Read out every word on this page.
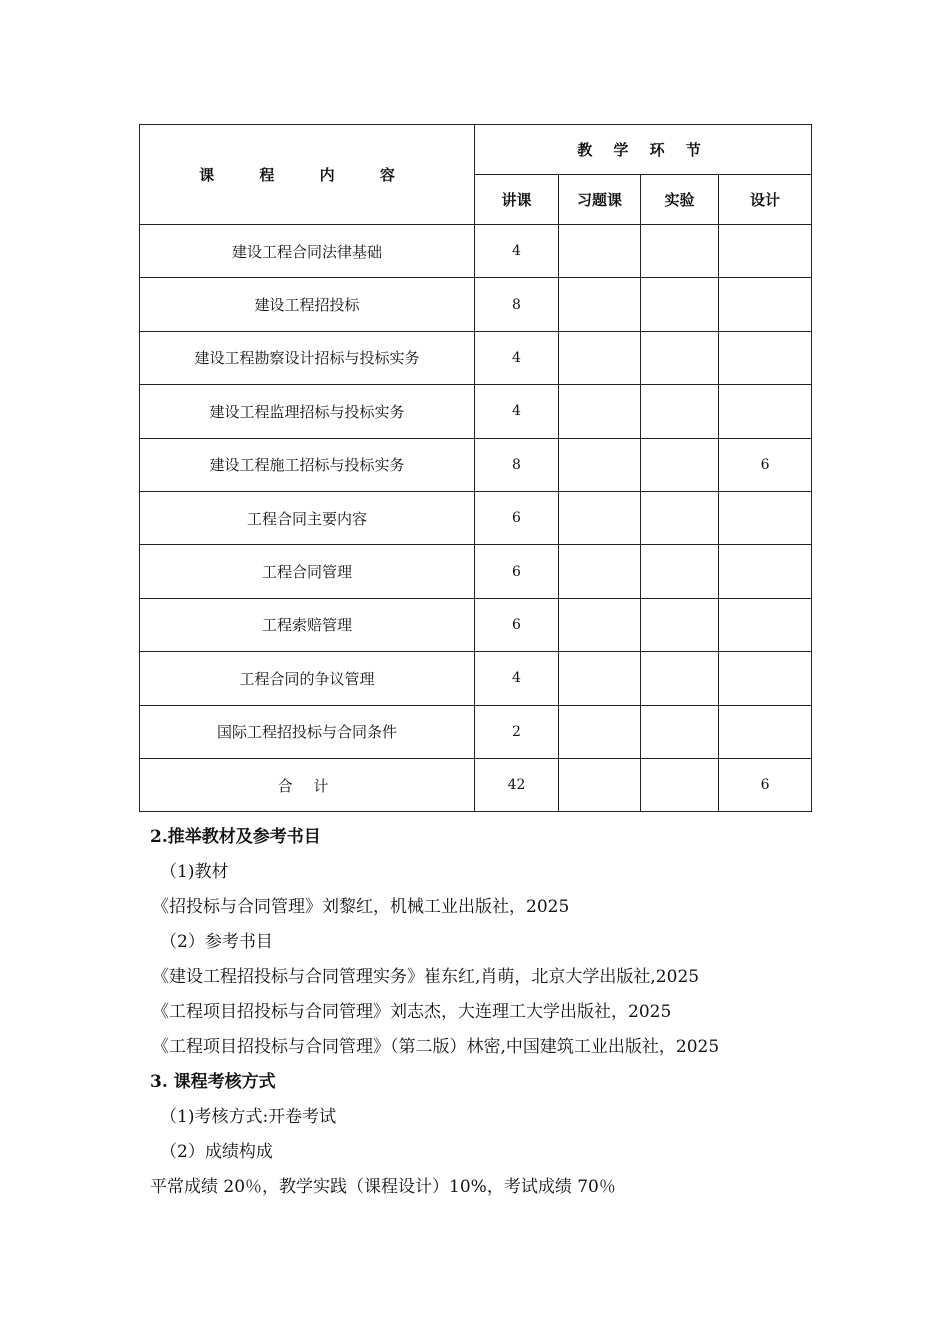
课 程 内 容	教 学 环 节			
	讲课	习题课	实验	设计
建设工程合同法律基础	4			
建设工程招投标	8			
建设工程勘察设计招标与投标实务	4			
建设工程监理招标与投标实务	4			
建设工程施工招标与投标实务	8			6
工程合同主要内容	6			
工程合同管理	6			
工程索赔管理	6			
工程合同的争议管理	4			
国际工程招投标与合同条件	2			
合 计	42			6
2.推举教材及参考书目
（1)教材
《招投标与合同管理》刘黎红，机械工业出版社，2025
（2）参考书目
《建设工程招投标与合同管理实务》崔东红,肖萌，北京大学出版社,2025
《工程项目招投标与合同管理》刘志杰，大连理工大学出版社，2025
《工程项目招投标与合同管理》（第二版）林密,中国建筑工业出版社，2025
3. 课程考核方式
（1)考核方式:开卷考试
（2）成绩构成
平常成绩 20％，教学实践（课程设计）10%，考试成绩 70％
